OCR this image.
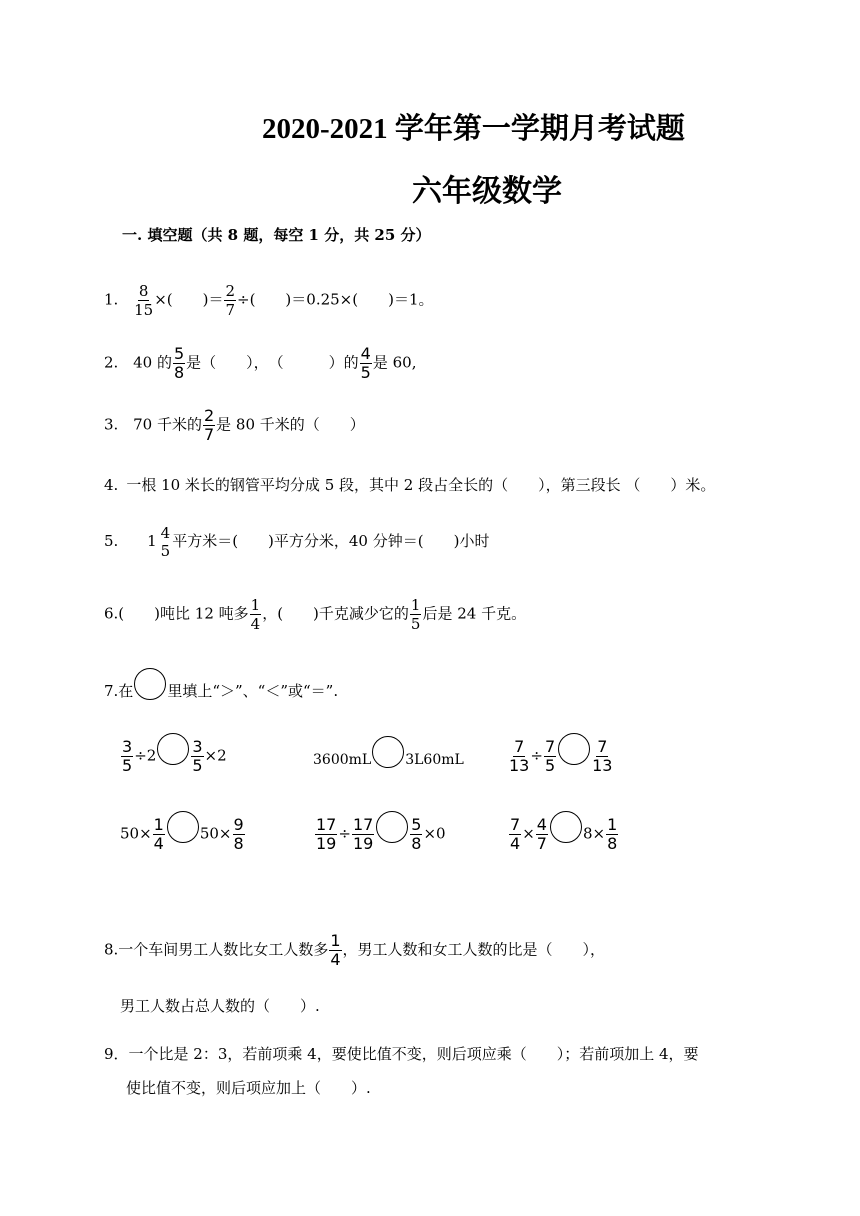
2020-2021 学年第一学期月考试题
六年级数学
一. 填空题（共 8 题，每空 1 分，共 25 分）
1. $\frac{8}{15}$ ×(　　)＝ $\frac{2}{7}$ ÷(　　)＝0.25×(　　)＝1。
2. 40 的 $\frac{5}{8}$ 是（　　），　（　　　）的 $\frac{4}{5}$ 是 60,
3. 70 千米的 $\frac{2}{7}$ 是 80 千米的（　　）
4. 一根 10 米长的钢管平均分成 5 段，其中 2 段占全长的（　　），第三段长 （　　）米。
5. 1 4
5
平方米＝(　　)平方分米，40 分钟＝(　　)小时
6.(　　)吨比 12 吨多 $\frac{1}{4}$ ，(　　)千克减少它的 $\frac{1}{5}$ 后是 24 千克。
7.在 里填上“＞”、“＜”或“＝”.
$\frac{3}{5} \div 2 \frac{3}{5} \times 2$	3600mL 3L60mL	$\frac{7}{13} \div \frac{7}{5} \frac{7}{13}$
$50\times \frac{1}{4} 50\times \frac{9}{8}$	$\frac{17}{19} \div \frac{17}{19} \frac{5}{8} \times 0$	$\frac{7}{4} \times \frac{4}{7} 8\times \frac{1}{8}$
8.一个车间男工人数比女工人数多 $\frac{1}{4}$ ，男工人数和女工人数的比是（　　），
男工人数占总人数的（　　）.
9．一个比是 2：3，若前项乘 4，要使比值不变，则后项应乘（　　）；若前项加上 4，要
使比值不变，则后项应加上（　　）.
